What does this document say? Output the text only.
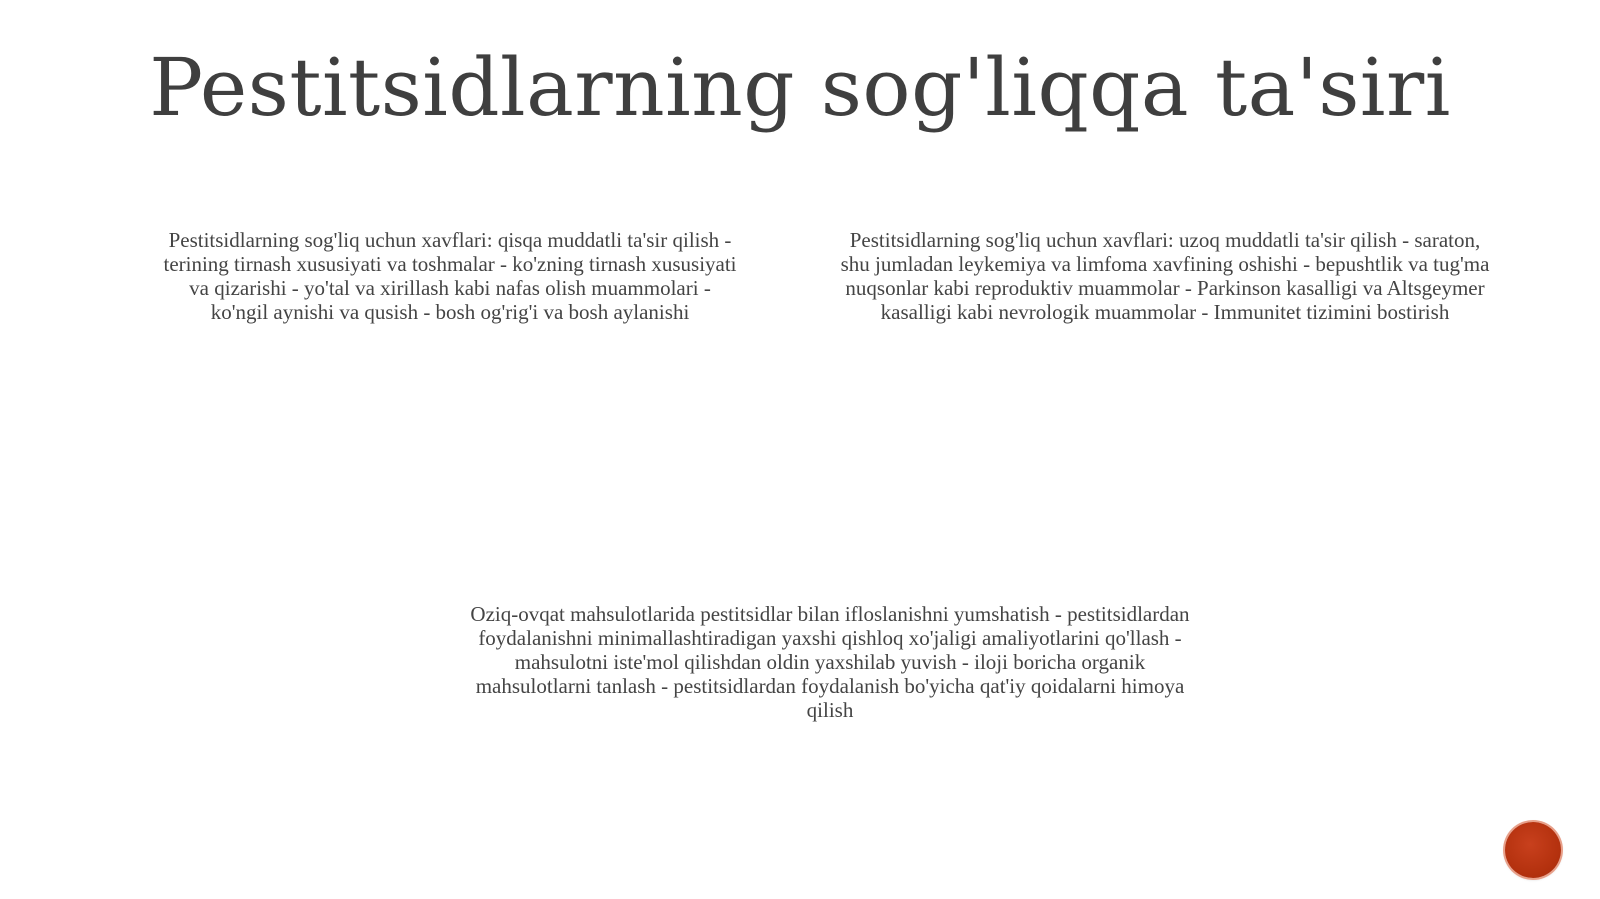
Pestitsidlarning sog'liqqa ta'siri

Pestitsidlarning sog'liq uchun xavflari: qisqa muddatli ta'sir qilish - terining tirnash xususiyati va toshmalar - ko'zning tirnash xususiyati va qizarishi - yo'tal va xirillash kabi nafas olish muammolari - ko'ngil aynishi va qusish - bosh og'rig'i va bosh aylanishi

Pestitsidlarning sog'liq uchun xavflari: uzoq muddatli ta'sir qilish - saraton, shu jumladan leykemiya va limfoma xavfining oshishi - bepushtlik va tug'ma nuqsonlar kabi reproduktiv muammolar - Parkinson kasalligi va Altsgeymer kasalligi kabi nevrologik muammolar - Immunitet tizimini bostirish

Oziq-ovqat mahsulotlarida pestitsidlar bilan ifloslanishni yumshatish - pestitsidlardan foydalanishni minimallashtiradigan yaxshi qishloq xo'jaligi amaliyotlarini qo'llash - mahsulotni iste'mol qilishdan oldin yaxshilab yuvish - iloji boricha organik mahsulotlarni tanlash - pestitsidlardan foydalanish bo'yicha qat'iy qoidalarni himoya qilish
